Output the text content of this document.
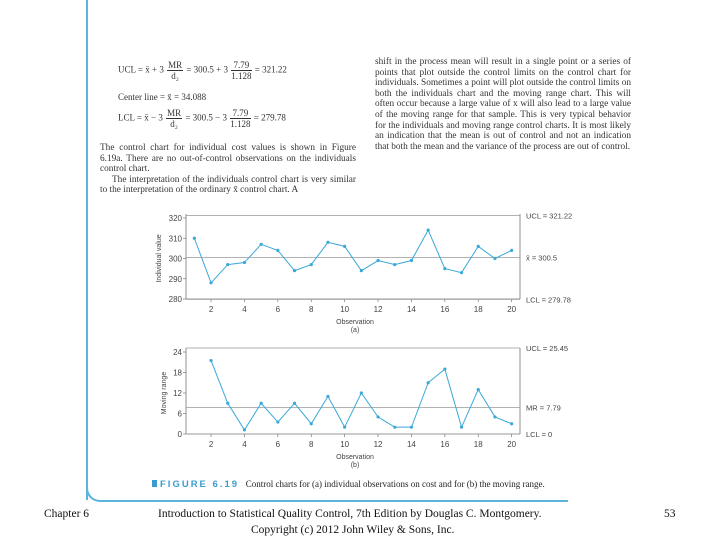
UCL = x̄ + $3 \frac{MR}{\text{d₂}} = 300.5 + 3 \frac{7.79}{1.128} = 321.22$
Center line = x̄ = 34.088
LCL = x̄ − $3 \frac{MR}{\text{d₂}} = 300.5 - 3 \frac{7.79}{1.128} = 279.78$

The control chart for individual cost values is shown in Figure 6.19a. There are no out-of-control observations on the individuals control chart.

The interpretation of the individuals control chart is very similar to the interpretation of the ordinary x̄ control chart. A

shift in the process mean will result in a single point or a series of points that plot outside the control limits on the control chart for individuals. Sometimes a point will plot outside the control limits on both the individuals chart and the moving range chart. This will often occur because a large value of x will also lead to a large value of the moving range for that sample. This is very typical behavior for the individuals and moving range control charts. It is most likely an indication that the mean is out of control and not an indication that both the mean and the variance of the process are out of control.
280
290
300
310
320
2	4	6	8	10	12	14	16	18	20
Observation
(a)
Individual value
UCL = 321.22
x̄ = 300.5
LCL = 279.78
0
6
12
18
24
2	4	6	8	10	12	14	16	18	20
Observation
(b)
Moving range
UCL = 25.45
MR = 7.79
LCL = 0
FIGURE 6.19 Control charts for (a) individual observations on cost and for (b) the moving range.
Chapter 6	Introduction to Statistical Quality Control, 7th Edition by Douglas C. Montgomery.
Copyright (c) 2012 John Wiley & Sons, Inc.
53
